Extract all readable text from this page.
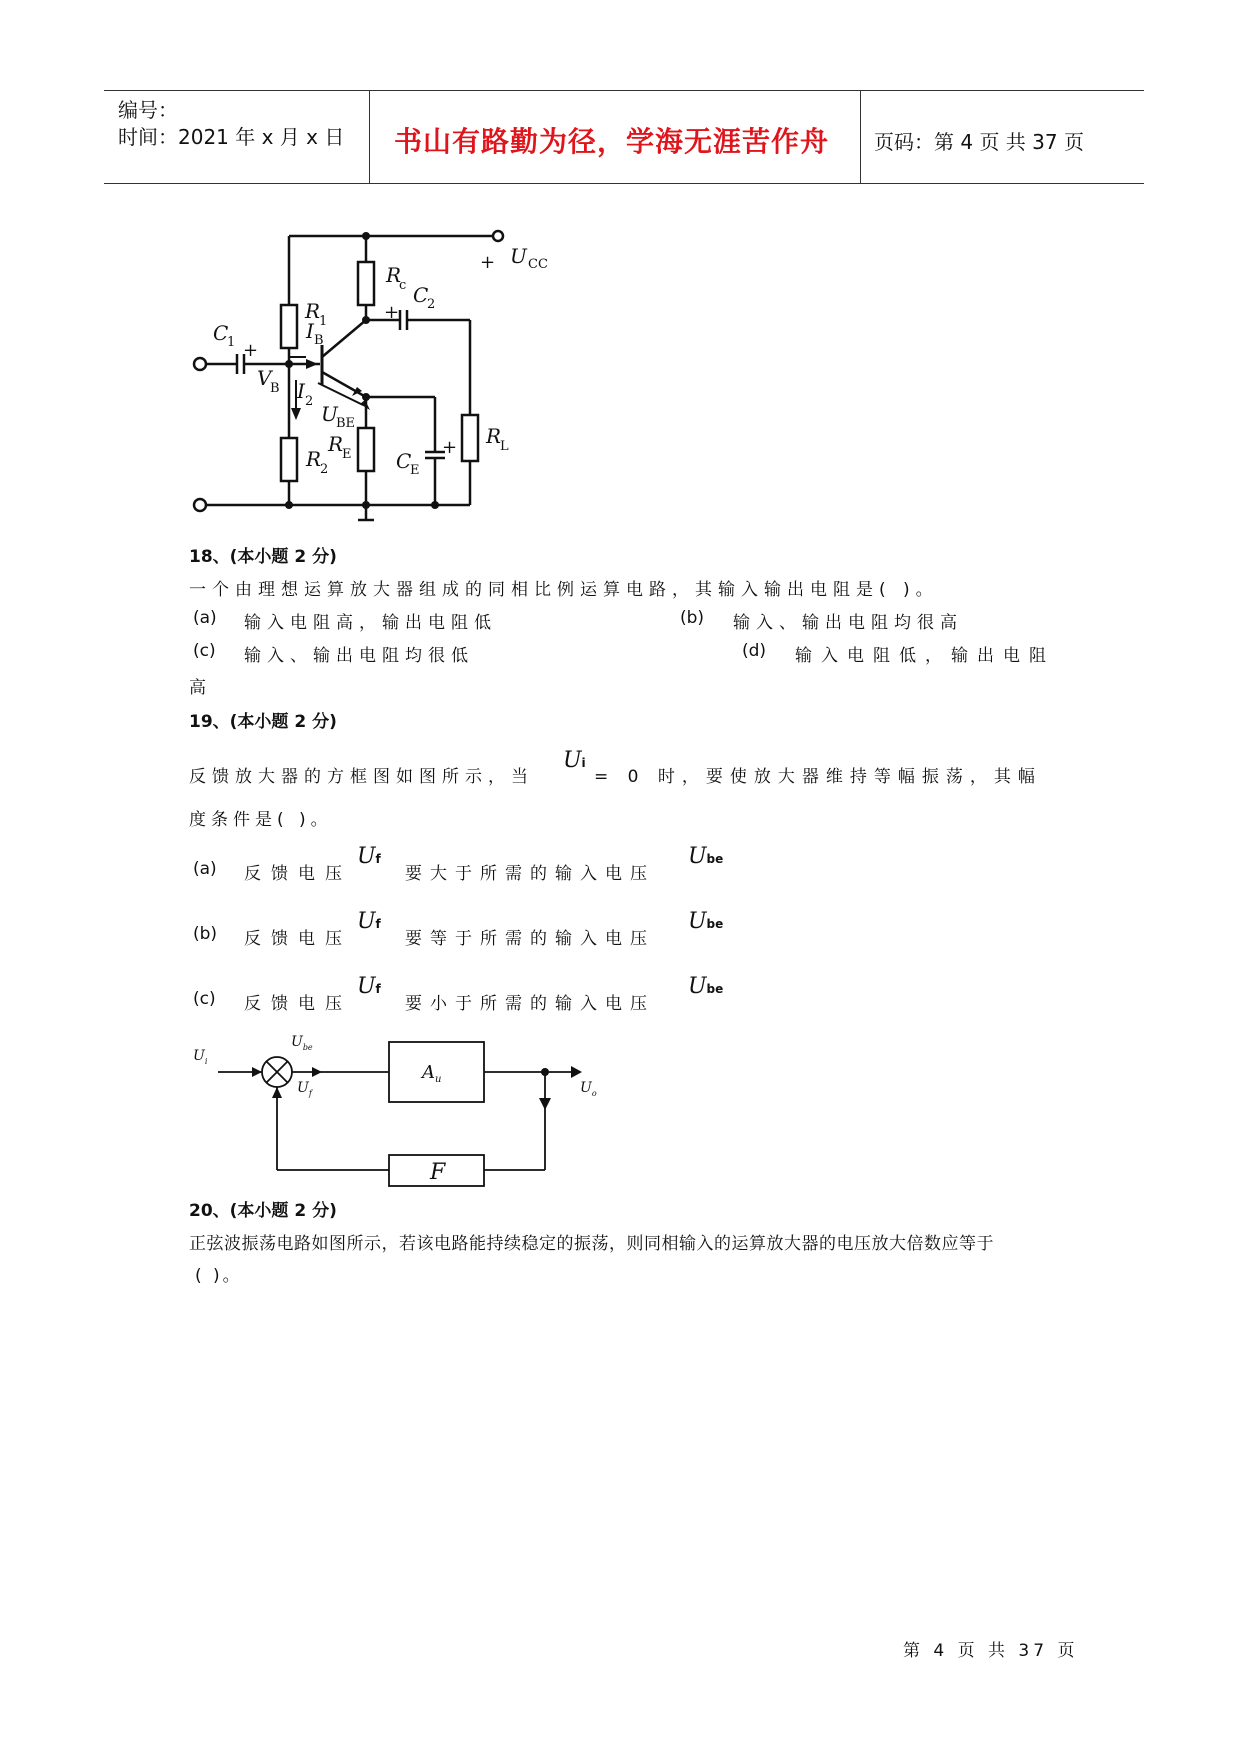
编号：
时间：2021 年 x 月 x 日 书山有路勤为径，学海无涯苦作舟 页码：第 4 页 共 37 页
U CC
+
R
c C
2
+
R
1
I B
C
1 +
V
B I 2
U
BE
R
E
R
2	C
E
+ R
L
18、(本小题 2 分)
一个由理想运算放大器组成的同相比例运算电路，其输入输出电阻是( )。
(a) 输入电阻高，输出电阻低	(b) 输入、输出电阻均很高
(c) 输入、输出电阻均很低	(d) 输入电阻低，输出电阻
高
19、(本小题 2 分)
反馈放大器的方框图如图所示，当
Ui
= 0 时，要使放大器维持等幅振荡，其幅
度条件是( )。
(a) 反馈电压
Uf
要大于所需的输入电压
Ube
(b) 反馈电压
Uf
要等于所需的输入电压
Ube
(c) 反馈电压
Uf
要小于所需的输入电压
Ube
$A_u$
F
$U_i$
$U_{be}$
$U_f$	$U_o$
20、(本小题 2 分)
正弦波振荡电路如图所示，若该电路能持续稳定的振荡，则同相输入的运算放大器的电压放大倍数应等于
( )。
第 4 页 共 37 页
